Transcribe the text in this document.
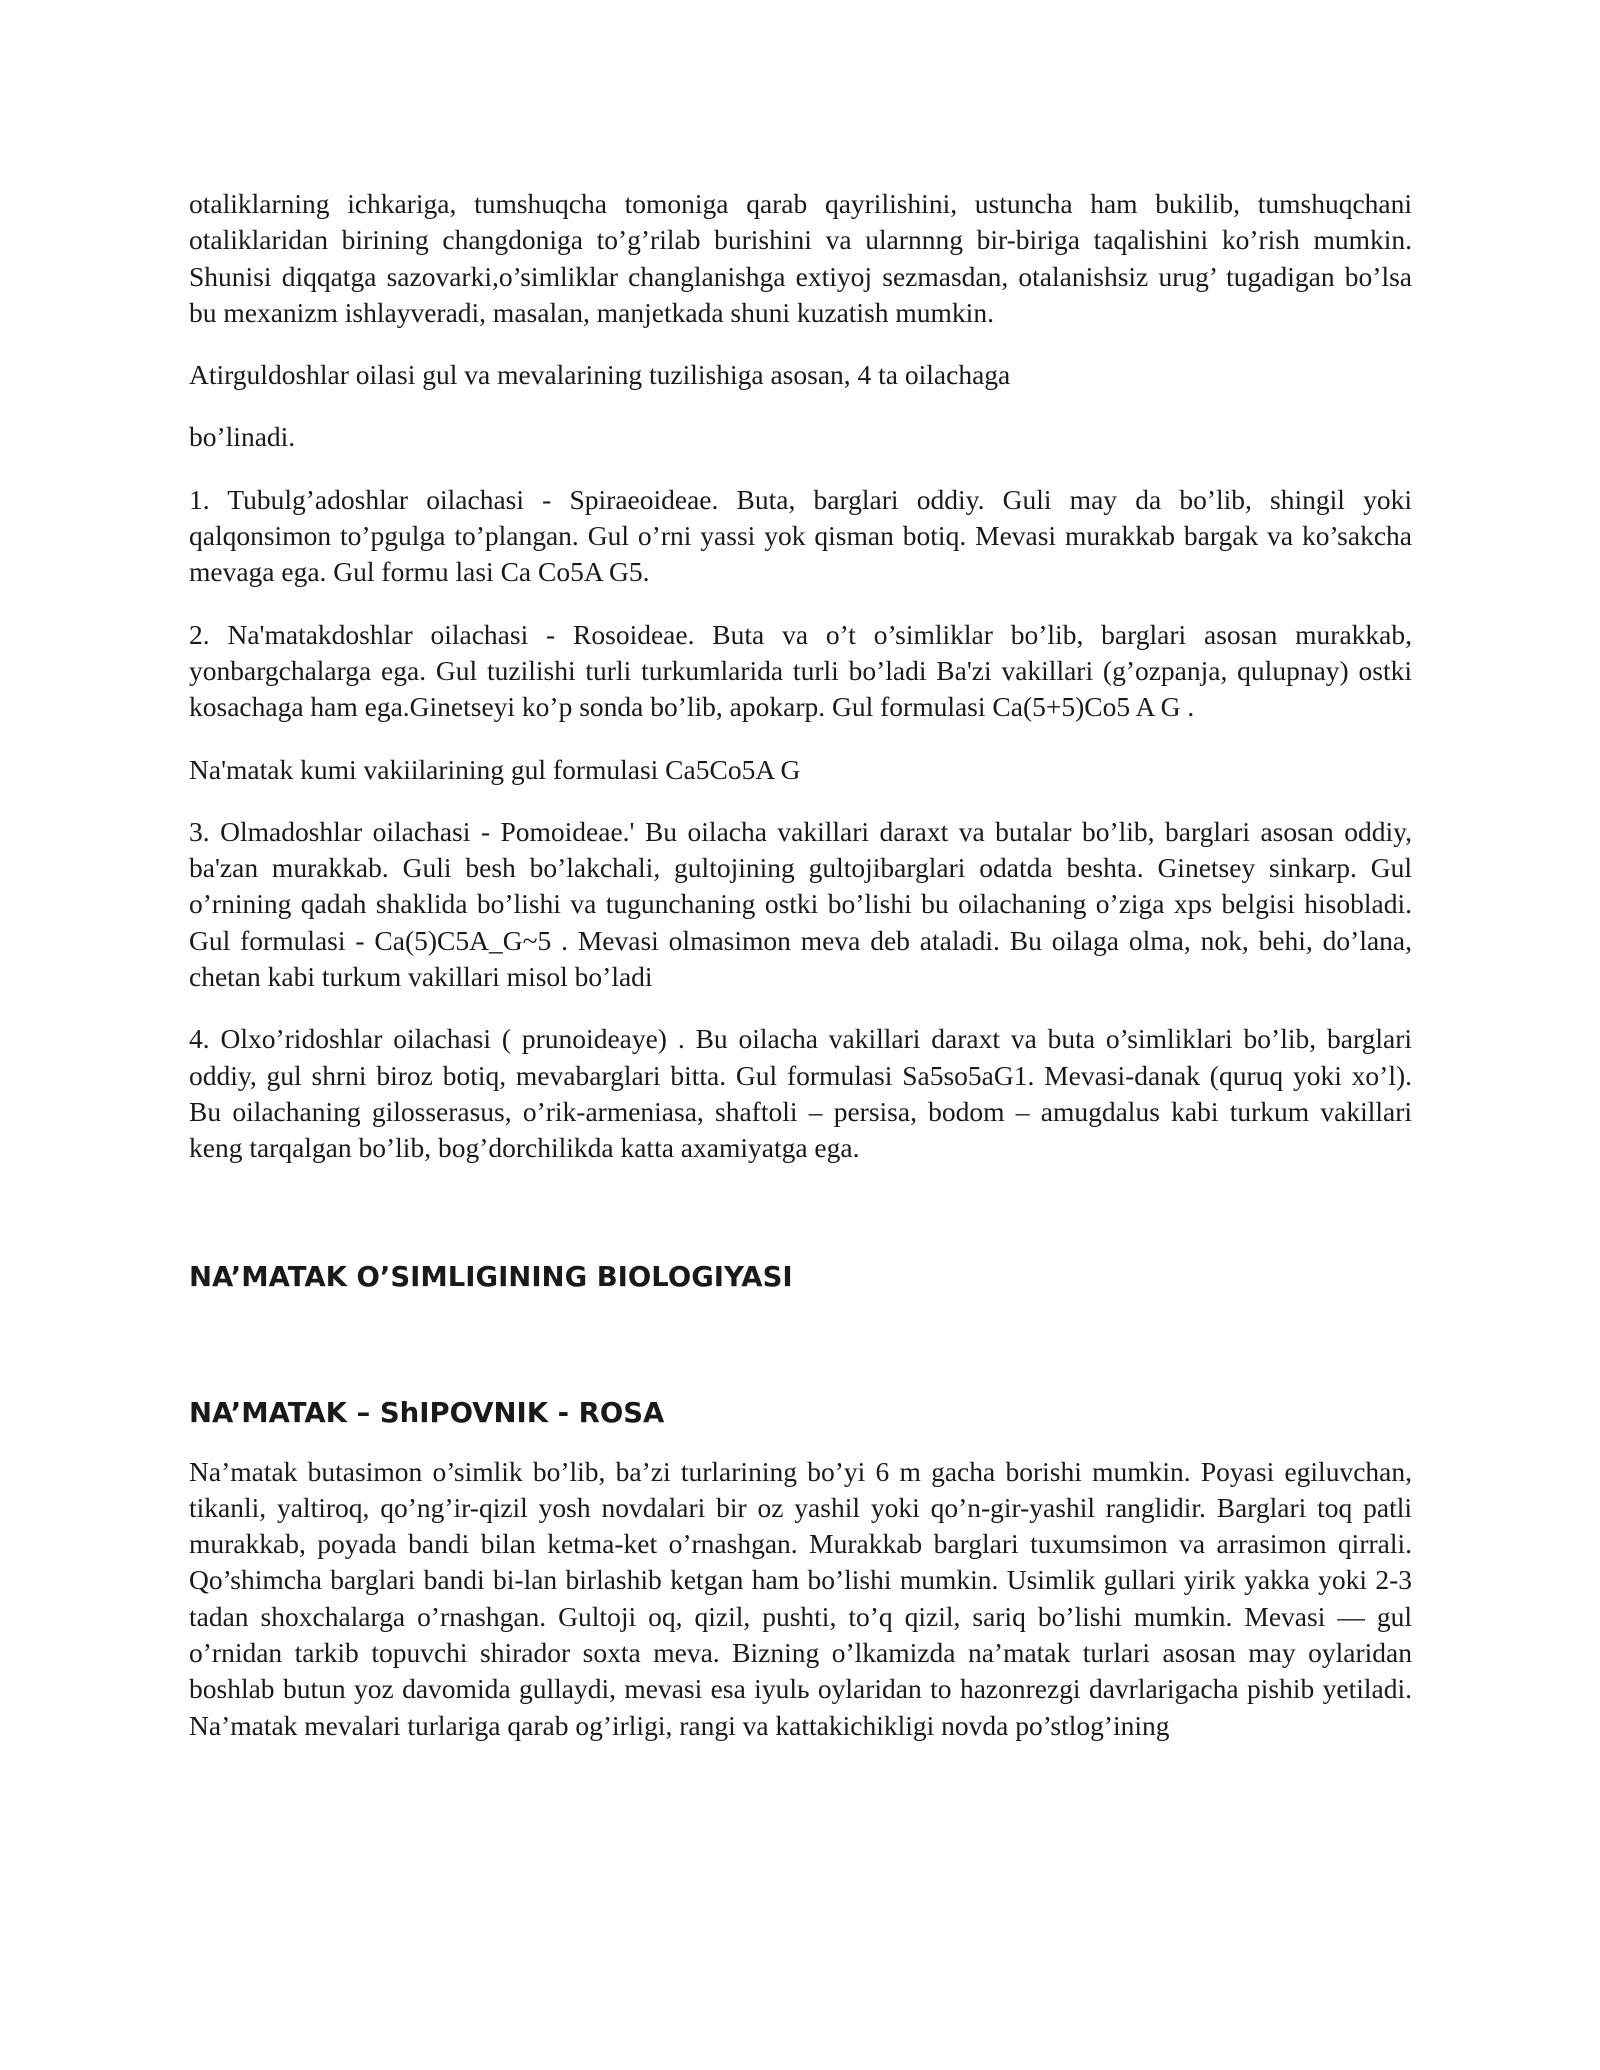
otaliklarning ichkariga, tumshuqcha tomoniga qarab qayrilishini, ustuncha ham bukilib, tumshuqchani otaliklaridan birining changdoniga to’g’rilab burishini va ularnnng bir-biriga taqalishini ko’rish mumkin. Shunisi diqqatga sazovarki,o’simliklar changlanishga extiyoj sezmasdan, otalanishsiz urug’ tugadigan bo’lsa bu mexanizm ishlayveradi, masalan, manjetkada shuni kuzatish mumkin.

Atirguldoshlar oilasi gul va mevalarining tuzilishiga asosan, 4 ta oilachaga

bo’linadi.

1. Tubulg’adoshlar oilachasi - Spiraeoideae. Buta, barglari oddiy. Guli may da bo’lib, shingil yoki qalqonsimon to’pgulga to’plangan. Gul o’rni yassi yok qisman botiq. Mevasi murakkab bargak va ko’sakcha mevaga ega. Gul formu lasi Ca Co5A G5.

2. Na'matakdoshlar oilachasi - Rosoideae. Buta va o’t o’simliklar bo’lib, barglari asosan murakkab, yonbargchalarga ega. Gul tuzilishi turli turkumlarida turli bo’ladi Ba'zi vakillari (g’ozpanja, qulupnay) ostki kosachaga ham ega.Ginetseyi ko’p sonda bo’lib, apokarp. Gul formulasi Ca(5+5)Co5 A G .

Na'matak kumi vakiilarining gul formulasi Ca5Co5A G

3. Olmadoshlar oilachasi - Pomoideae.' Bu oilacha vakillari daraxt va butalar bo’lib, barglari asosan oddiy, ba'zan murakkab. Guli besh bo’lakchali, gultojining gultojibarglari odatda beshta. Ginetsey sinkarp. Gul o’rnining qadah shaklida bo’lishi va tugunchaning ostki bo’lishi bu oilachaning o’ziga xps belgisi hisobladi. Gul formulasi - Ca(5)C5A_G~5 . Mevasi olmasimon meva deb ataladi. Bu oilaga olma, nok, behi, do’lana, chetan kabi turkum vakillari misol bo’ladi

4. Olxo’ridoshlar oilachasi ( prunoideaye) . Bu oilacha vakillari daraxt va buta o’simliklari bo’lib, barglari oddiy, gul shrni biroz botiq, mevabarglari bitta. Gul formulasi Sa5so5aG1. Mevasi-danak (quruq yoki xo’l). Bu oilachaning gilosserasus, o’rik-armeniasa, shaftoli – persisa, bodom – amugdalus kabi turkum vakillari keng tarqalgan bo’lib, bog’dorchilikda katta axamiyatga ega.

NA’MATAK O’SIMLIGINING BIOLOGIYASI
NA’MATAK – ShIPOVNIK - ROSA

Na’matak butasimon o’simlik bo’lib, ba’zi turlarining bo’yi 6 m gacha borishi mumkin. Poyasi egiluvchan, tikanli, yaltiroq, qo’ng’ir-qizil yosh novdalari bir oz yashil yoki qo’n-gir-yashil ranglidir. Barglari toq patli murakkab, poyada bandi bilan ketma-ket o’rnashgan. Murakkab barglari tuxumsimon va arrasimon qirrali. Qo’shimcha barglari bandi bi-lan birlashib ketgan ham bo’lishi mumkin. Usimlik gullari yirik yakka yoki 2-3 tadan shoxchalarga o’rnashgan. Gultoji oq, qizil, pushti, to’q qizil, sariq bo’lishi mumkin. Mevasi — gul o’rnidan tarkib topuvchi shirador soxta meva. Bizning o’lkamizda na’matak turlari asosan may oylaridan boshlab butun yoz davomida gullaydi, mevasi esa iyulь oylaridan to hazonrezgi davrlarigacha pishib yetiladi. Na’matak mevalari turlariga qarab og’irligi, rangi va kattakichikligi novda po’stlog’ining
